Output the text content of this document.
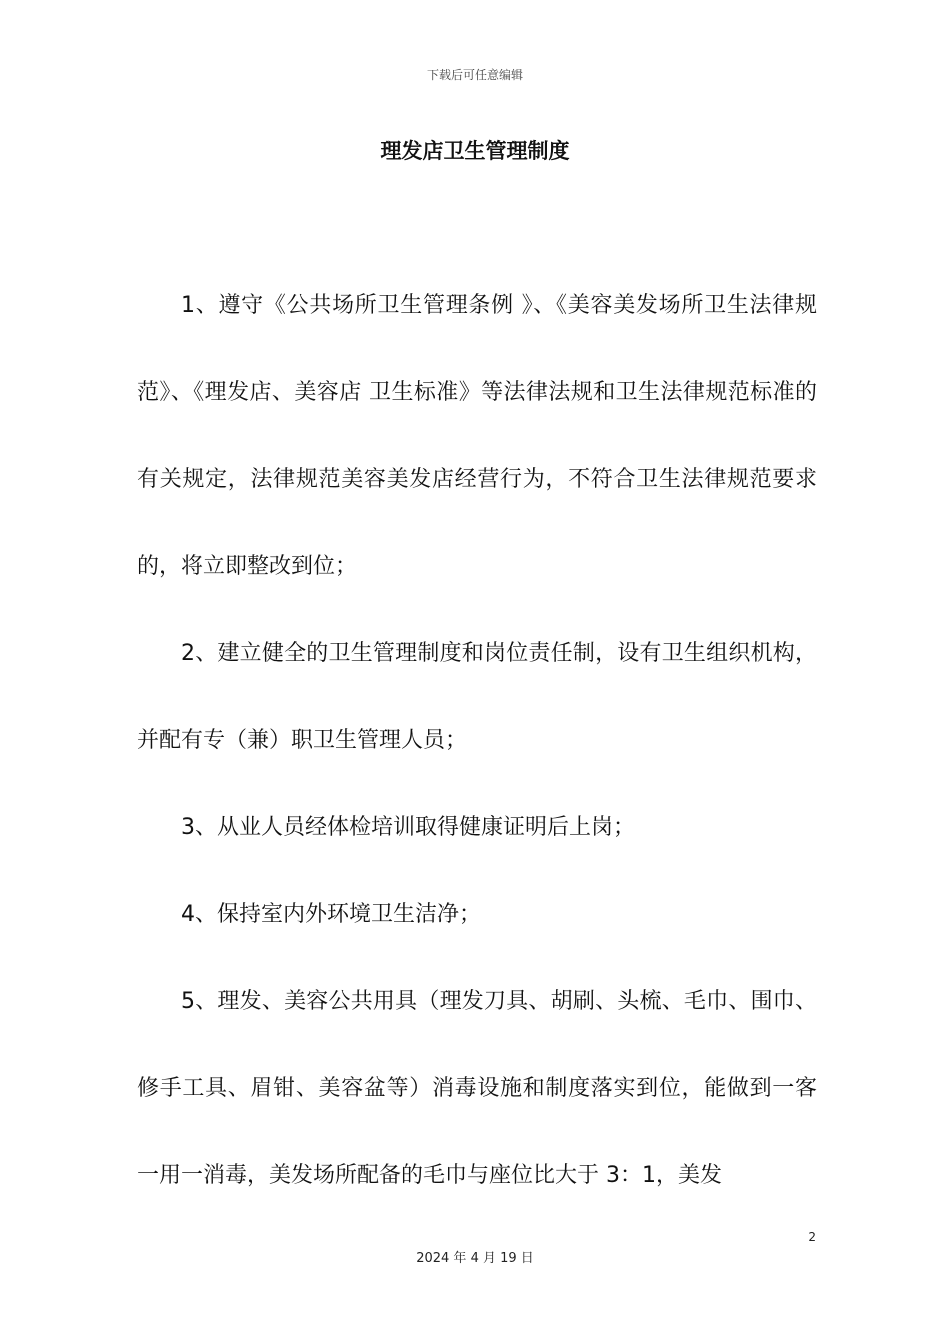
下载后可任意编辑
理发店卫生管理制度

1、遵守《公共场所卫生管理条例 》、《美容美发场所卫生法律规范》、《理发店、美容店 卫生标准》等法律法规和卫生法律规范标准的有关规定，法律规范美容美发店经营行为，不符合卫生法律规范要求的，将立即整改到位；

2、建立健全的卫生管理制度和岗位责任制，设有卫生组织机构，并配有专（兼）职卫生管理人员；

3、从业人员经体检培训取得健康证明后上岗；

4、保持室内外环境卫生洁净；

5、理发、美容公共用具（理发刀具、胡刷、头梳、毛巾、围巾、修手工具、眉钳、美容盆等）消毒设施和制度落实到位，能做到一客一用一消毒，美发场所配备的毛巾与座位比大于 3：1，美发

2
2024 年 4 月 19 日
